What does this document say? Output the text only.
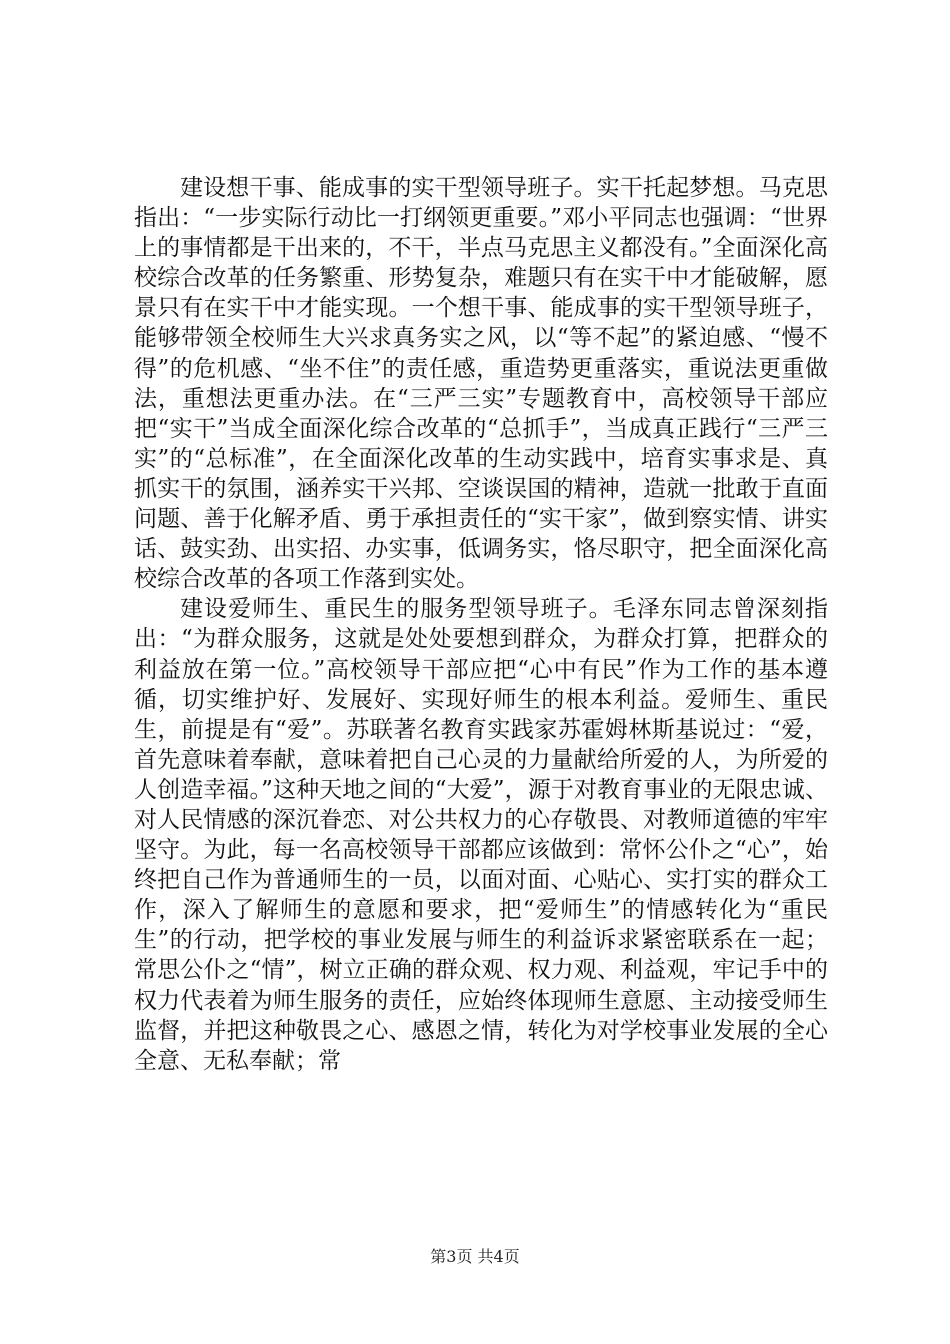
建设想干事、能成事的实干型领导班子。实干托起梦想。马克思指出：“一步实际行动比一打纲领更重要。”邓小平同志也强调：“世界上的事情都是干出来的，不干，半点马克思主义都没有。”全面深化高校综合改革的任务繁重、形势复杂，难题只有在实干中才能破解，愿景只有在实干中才能实现。一个想干事、能成事的实干型领导班子，能够带领全校师生大兴求真务实之风，以“等不起”的紧迫感、“慢不得”的危机感、“坐不住”的责任感，重造势更重落实，重说法更重做法，重想法更重办法。在“三严三实”专题教育中，高校领导干部应把“实干”当成全面深化综合改革的“总抓手”，当成真正践行“三严三实”的“总标准”，在全面深化改革的生动实践中，培育实事求是、真抓实干的氛围，涵养实干兴邦、空谈误国的精神，造就一批敢于直面问题、善于化解矛盾、勇于承担责任的“实干家”，做到察实情、讲实话、鼓实劲、出实招、办实事，低调务实，恪尽职守，把全面深化高校综合改革的各项工作落到实处。

建设爱师生、重民生的服务型领导班子。毛泽东同志曾深刻指出：“为群众服务，这就是处处要想到群众，为群众打算，把群众的利益放在第一位。”高校领导干部应把“心中有民”作为工作的基本遵循，切实维护好、发展好、实现好师生的根本利益。爱师生、重民生，前提是有“爱”。苏联著名教育实践家苏霍姆林斯基说过：“爱，首先意味着奉献，意味着把自己心灵的力量献给所爱的人，为所爱的人创造幸福。”这种天地之间的“大爱”，源于对教育事业的无限忠诚、对人民情感的深沉眷恋、对公共权力的心存敬畏、对教师道德的牢牢坚守。为此，每一名高校领导干部都应该做到：常怀公仆之“心”，始终把自己作为普通师生的一员，以面对面、心贴心、实打实的群众工作，深入了解师生的意愿和要求，把“爱师生”的情感转化为“重民生”的行动，把学校的事业发展与师生的利益诉求紧密联系在一起；常思公仆之“情”，树立正确的群众观、权力观、利益观，牢记手中的权力代表着为师生服务的责任，应始终体现师生意愿、主动接受师生监督，并把这种敬畏之心、感恩之情，转化为对学校事业发展的全心全意、无私奉献；常

第3页 共4页
